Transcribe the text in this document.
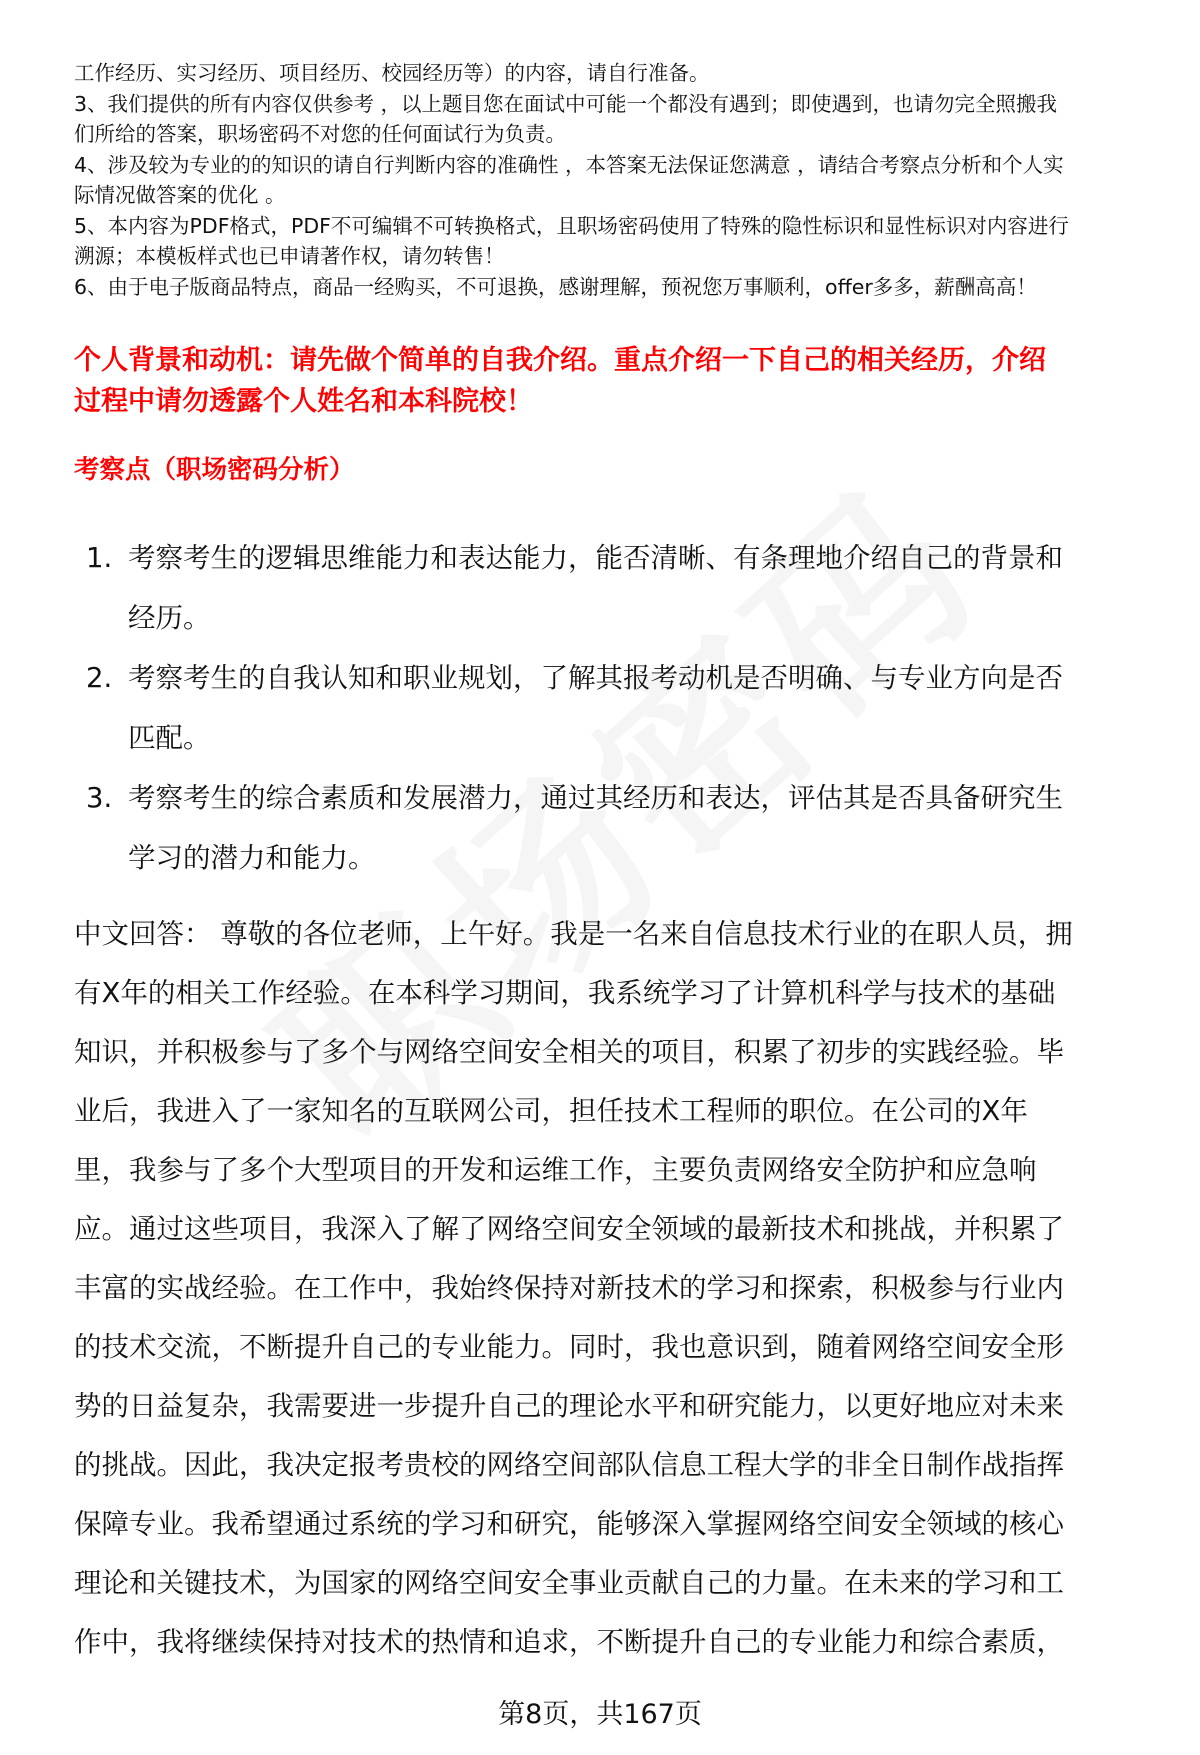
工作经历、实习经历、项目经历、校园经历等）的内容，请自行准备。

3、我们提供的所有内容仅供参考 ，以上题目您在面试中可能一个都没有遇到；即使遇到，也请勿完全照搬我

们所给的答案，职场密码不对您的任何面试行为负责。

4、涉及较为专业的的知识的请自行判断内容的准确性 ，本答案无法保证您满意 ，请结合考察点分析和个人实

际情况做答案的优化 。

5、本内容为PDF格式，PDF不可编辑不可转换格式，且职场密码使用了特殊的隐性标识和显性标识对内容进行

溯源；本模板样式也已申请著作权，请勿转售！

6、由于电子版商品特点，商品一经购买，不可退换，感谢理解，预祝您万事顺利，offer多多，薪酬高高！

个人背景和动机：请先做个简单的自我介绍。重点介绍一下自己的相关经历，介绍

过程中请勿透露个人姓名和本科院校！

考察点（职场密码分析）
1. 考察考生的逻辑思维能力和表达能力，能否清晰、有条理地介绍自己的背景和
经历。
2. 考察考生的自我认知和职业规划，了解其报考动机是否明确、与专业方向是否
匹配。
3. 考察考生的综合素质和发展潜力，通过其经历和表达，评估其是否具备研究生
学习的潜力和能力。
中文回答： 尊敬的各位老师，上午好。我是一名来自信息技术行业的在职人员，拥
有X年的相关工作经验。在本科学习期间，我系统学习了计算机科学与技术的基础
知识，并积极参与了多个与网络空间安全相关的项目，积累了初步的实践经验。毕
业后，我进入了一家知名的互联网公司，担任技术工程师的职位。在公司的X年
里，我参与了多个大型项目的开发和运维工作，主要负责网络安全防护和应急响
应。通过这些项目，我深入了解了网络空间安全领域的最新技术和挑战，并积累了
丰富的实战经验。在工作中，我始终保持对新技术的学习和探索，积极参与行业内
的技术交流，不断提升自己的专业能力。同时，我也意识到，随着网络空间安全形
势的日益复杂，我需要进一步提升自己的理论水平和研究能力，以更好地应对未来
的挑战。因此，我决定报考贵校的网络空间部队信息工程大学的非全日制作战指挥
保障专业。我希望通过系统的学习和研究，能够深入掌握网络空间安全领域的核心
理论和关键技术，为国家的网络空间安全事业贡献自己的力量。在未来的学习和工
作中，我将继续保持对技术的热情和追求，不断提升自己的专业能力和综合素质，
第8页，共167页
